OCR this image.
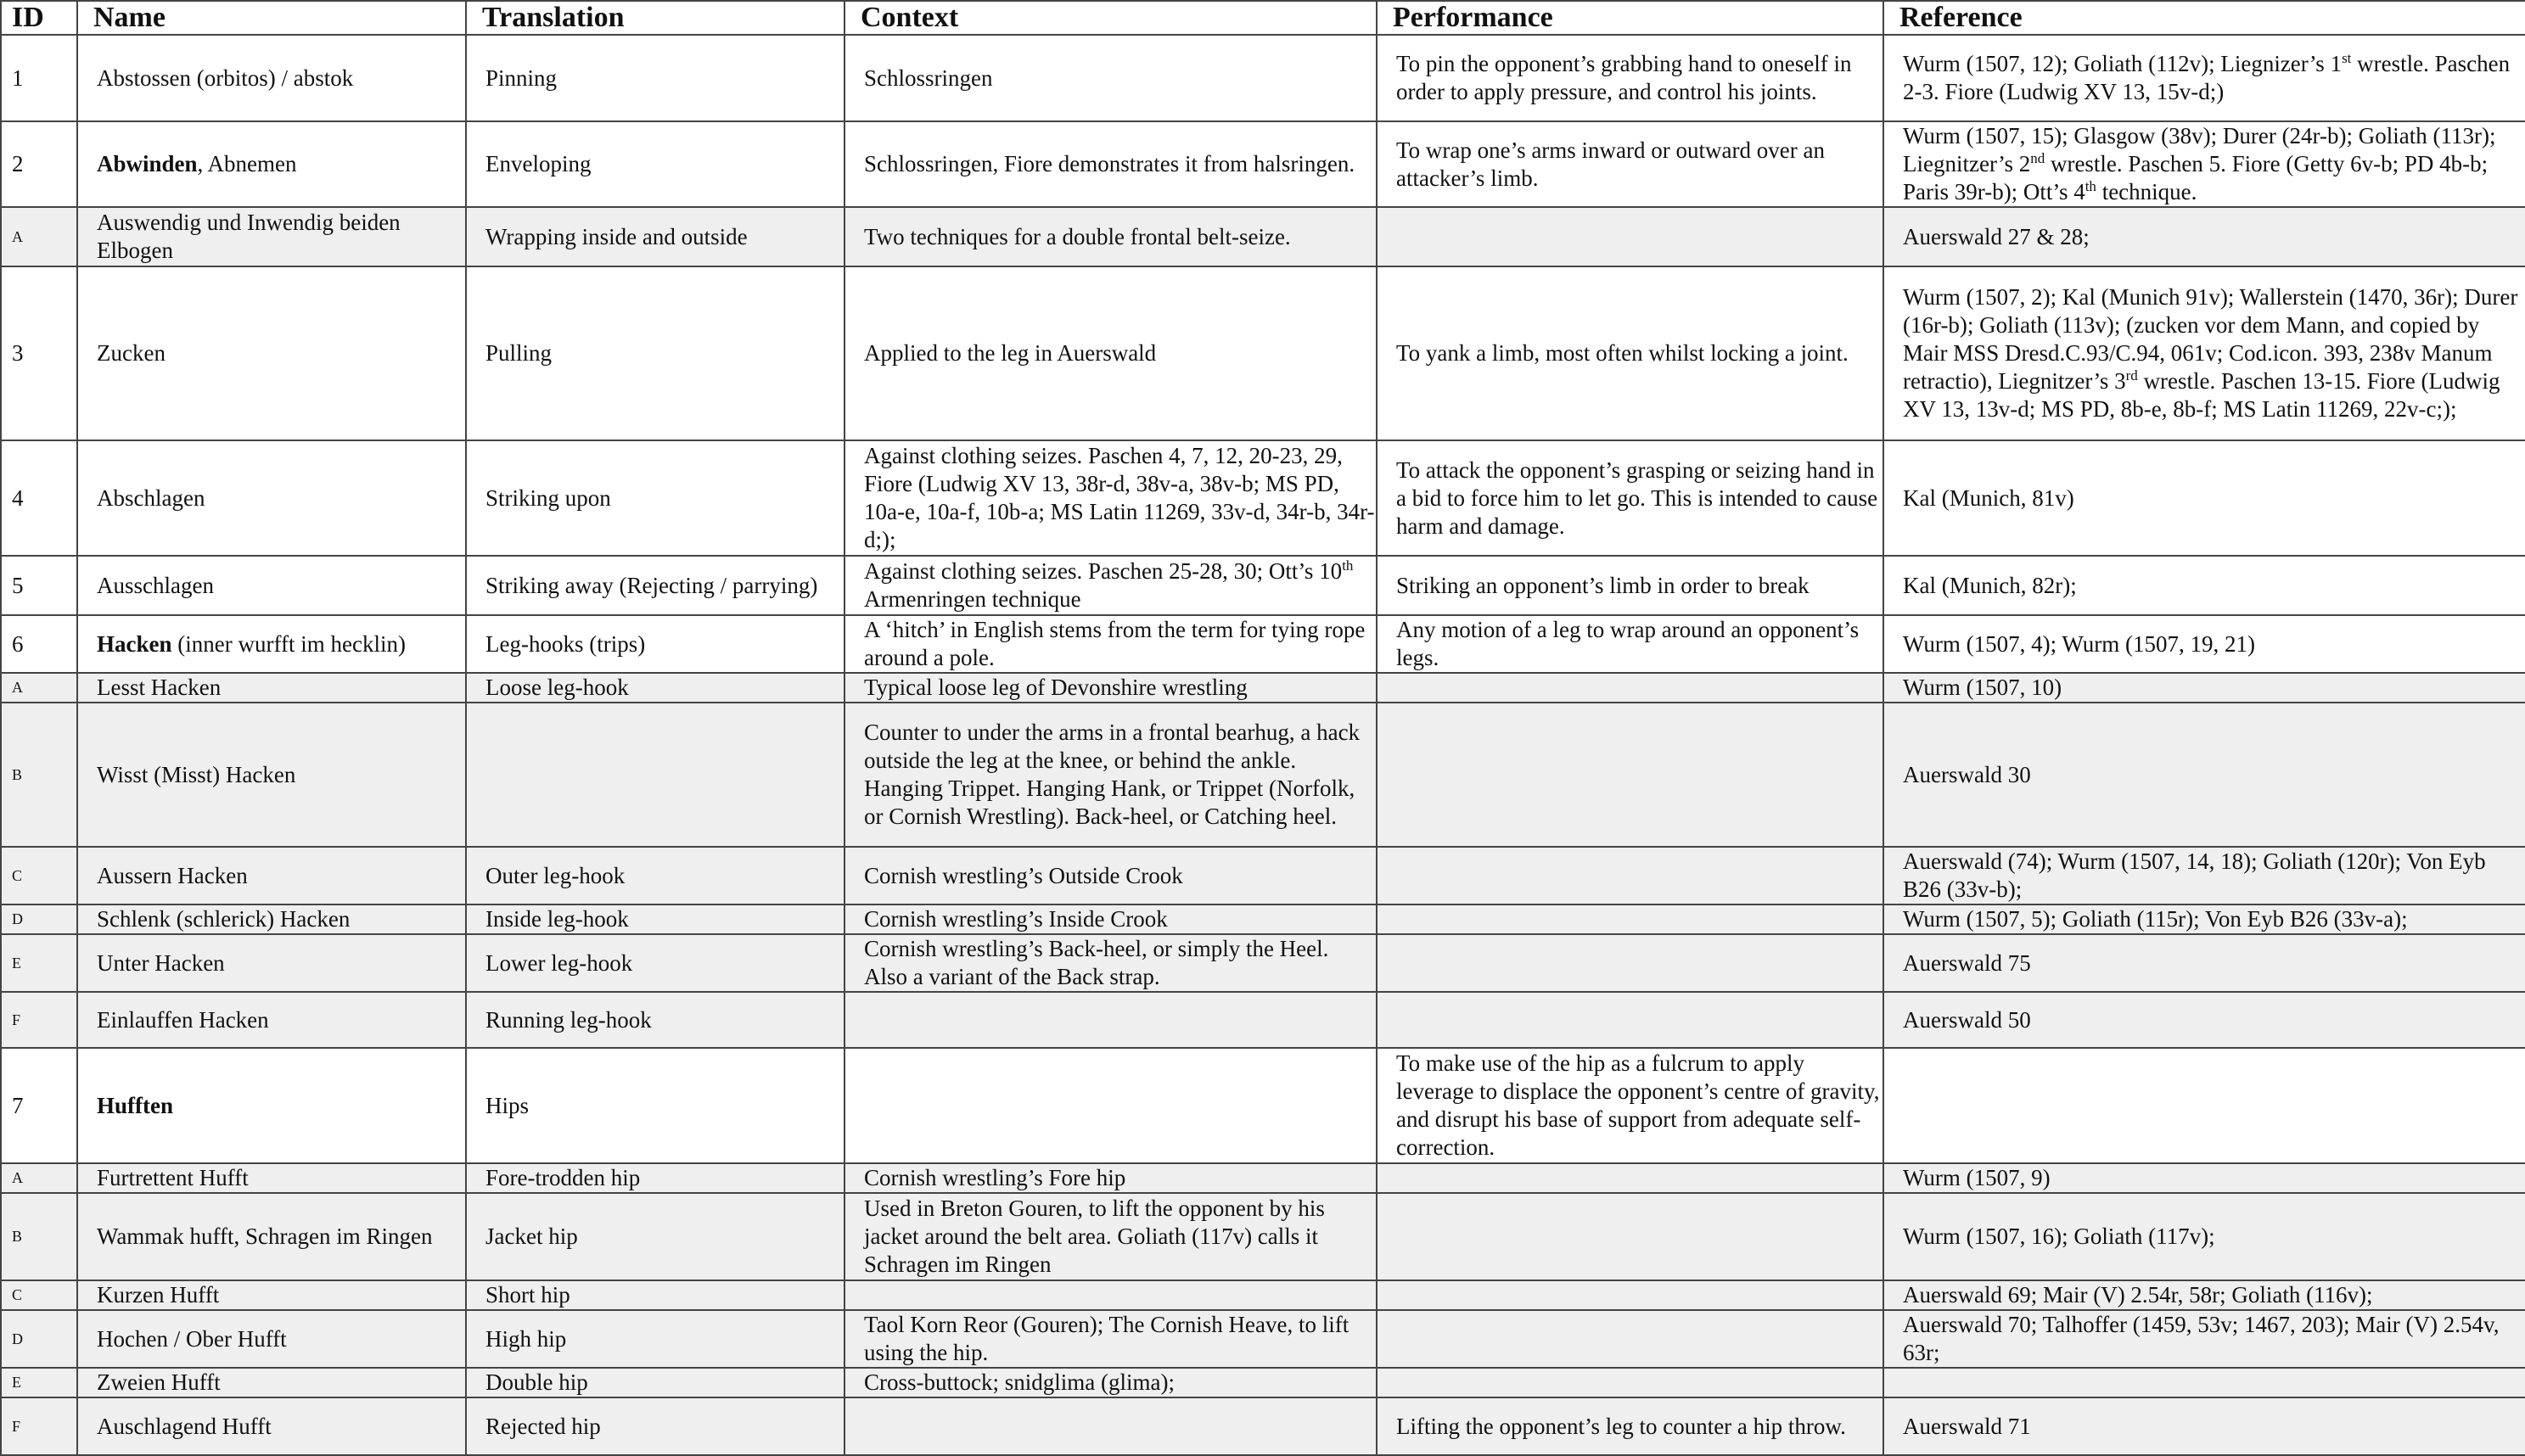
ID	Name	Translation	Context	Performance	Reference
1	Abstossen (orbitos) / abstok	Pinning	Schlossringen	To pin the opponent’s grabbing hand to oneself in order to apply pressure, and control his joints.	Wurm (1507, 12); Goliath (112v); Liegnizer’s 1st wrestle. Paschen 2-3. Fiore (Ludwig XV 13, 15v-d;)
2	Abwinden, Abnemen	Enveloping	Schlossringen, Fiore demonstrates it from halsringen.	To wrap one’s arms inward or outward over an attacker’s limb.	Wurm (1507, 15); Glasgow (38v); Durer (24r-b); Goliath (113r); Liegnitzer’s 2nd wrestle. Paschen 5. Fiore (Getty 6v-b; PD 4b-b; Paris 39r-b); Ott’s 4th technique.
A	Auswendig und Inwendig beiden Elbogen	Wrapping inside and outside	Two techniques for a double frontal belt-seize.		Auerswald 27 & 28;
3	Zucken	Pulling	Applied to the leg in Auerswald	To yank a limb, most often whilst locking a joint.	Wurm (1507, 2); Kal (Munich 91v); Wallerstein (1470, 36r); Durer (16r-b); Goliath (113v); (zucken vor dem Mann, and copied by Mair MSS Dresd.C.93/C.94, 061v; Cod.icon. 393, 238v Manum retractio), Liegnitzer’s 3rd wrestle. Paschen 13-15. Fiore (Ludwig XV 13, 13v-d; MS PD, 8b-e, 8b-f; MS Latin 11269, 22v-c;);
4	Abschlagen	Striking upon	Against clothing seizes. Paschen 4, 7, 12, 20-23, 29, Fiore (Ludwig XV 13, 38r-d, 38v-a, 38v-b; MS PD, 10a-e, 10a-f, 10b-a; MS Latin 11269, 33v-d, 34r-b, 34r-d;);	To attack the opponent’s grasping or seizing hand in a bid to force him to let go. This is intended to cause harm and damage.	Kal (Munich, 81v)
5	Ausschlagen	Striking away (Rejecting / parrying)	Against clothing seizes. Paschen 25-28, 30; Ott’s 10th Armenringen technique	Striking an opponent’s limb in order to break	Kal (Munich, 82r);
6	Hacken (inner wurfft im hecklin)	Leg-hooks (trips)	A ‘hitch’ in English stems from the term for tying rope around a pole.	Any motion of a leg to wrap around an opponent’s legs.	Wurm (1507, 4); Wurm (1507, 19, 21)
A	Lesst Hacken	Loose leg-hook	Typical loose leg of Devonshire wrestling		Wurm (1507, 10)
B	Wisst (Misst) Hacken		Counter to under the arms in a frontal bearhug, a hack outside the leg at the knee, or behind the ankle. Hanging Trippet. Hanging Hank, or Trippet (Norfolk, or Cornish Wrestling). Back-heel, or Catching heel.		Auerswald 30
C	Aussern Hacken	Outer leg-hook	Cornish wrestling’s Outside Crook		Auerswald (74); Wurm (1507, 14, 18); Goliath (120r); Von Eyb B26 (33v-b);
D	Schlenk (schlerick) Hacken	Inside leg-hook	Cornish wrestling’s Inside Crook		Wurm (1507, 5); Goliath (115r); Von Eyb B26 (33v-a);
E	Unter Hacken	Lower leg-hook	Cornish wrestling’s Back-heel, or simply the Heel. Also a variant of the Back strap.		Auerswald 75
F	Einlauffen Hacken	Running leg-hook			Auerswald 50
7	Hufften	Hips		To make use of the hip as a fulcrum to apply leverage to displace the opponent’s centre of gravity, and disrupt his base of support from adequate self-correction.	
A	Furtrettent Hufft	Fore-trodden hip	Cornish wrestling’s Fore hip		Wurm (1507, 9)
B	Wammak hufft, Schragen im Ringen	Jacket hip	Used in Breton Gouren, to lift the opponent by his jacket around the belt area. Goliath (117v) calls it Schragen im Ringen		Wurm (1507, 16); Goliath (117v);
C	Kurzen Hufft	Short hip			Auerswald 69; Mair (V) 2.54r, 58r; Goliath (116v);
D	Hochen / Ober Hufft	High hip	Taol Korn Reor (Gouren); The Cornish Heave, to lift using the hip.		Auerswald 70; Talhoffer (1459, 53v; 1467, 203); Mair (V) 2.54v, 63r;
E	Zweien Hufft	Double hip	Cross-buttock; snidglima (glima);		
F	Auschlagend Hufft	Rejected hip		Lifting the opponent’s leg to counter a hip throw.	Auerswald 71
